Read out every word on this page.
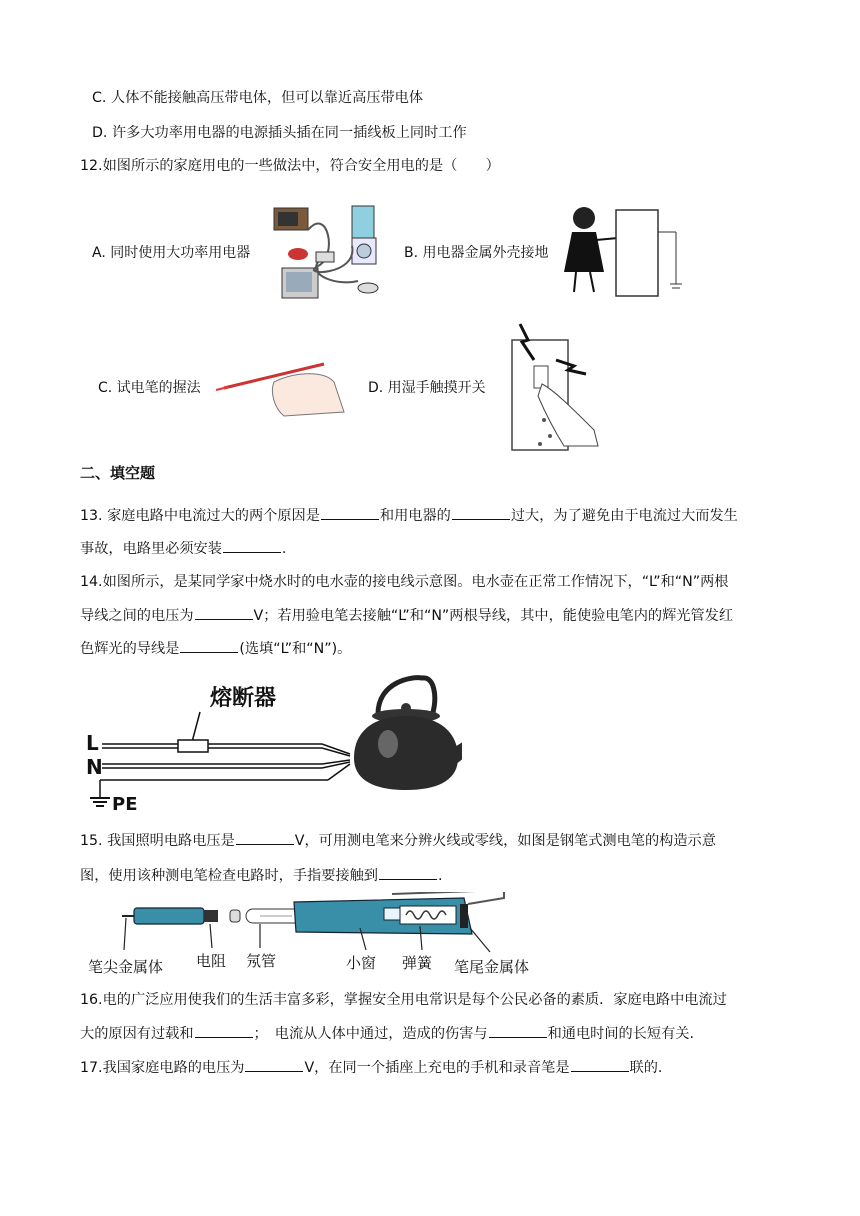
C. 人体不能接触高压带电体，但可以靠近高压带电体
D. 许多大功率用电器的电源插头插在同一插线板上同时工作
12.如图所示的家庭用电的一些做法中，符合安全用电的是（　　）
A. 同时使用大功率用电器	B. 用电器金属外壳接地
C. 试电笔的握法	D. 用湿手触摸开关
二、填空题
13. 家庭电路中电流过大的两个原因是	和用电器的	过大，为了避免由于电流过大而发生
事故，电路里必须安装	.
14.如图所示，是某同学家中烧水时的电水壶的接电线示意图。电水壶在正常工作情况下，“L”和“N”两根
导线之间的电压为	V；若用验电笔去接触“L”和“N”两根导线，其中，能使验电笔内的辉光管发红
色辉光的导线是	(选填“L”和“N”)。
熔断器
L
N
PE
15. 我国照明电路电压是	V，可用测电笔来分辨火线或零线，如图是钢笔式测电笔的构造示意
图，使用该种测电笔检查电路时，手指要接触到	.
笔尖金属体 电阻 氖管	小窗 弹簧 笔尾金属体
16.电的广泛应用使我们的生活丰富多彩，掌握安全用电常识是每个公民必备的素质．家庭电路中电流过
大的原因有过载和	；　电流从人体中通过，造成的伤害与	和通电时间的长短有关.
17.我国家庭电路的电压为	V，在同一个插座上充电的手机和录音笔是	联的.
